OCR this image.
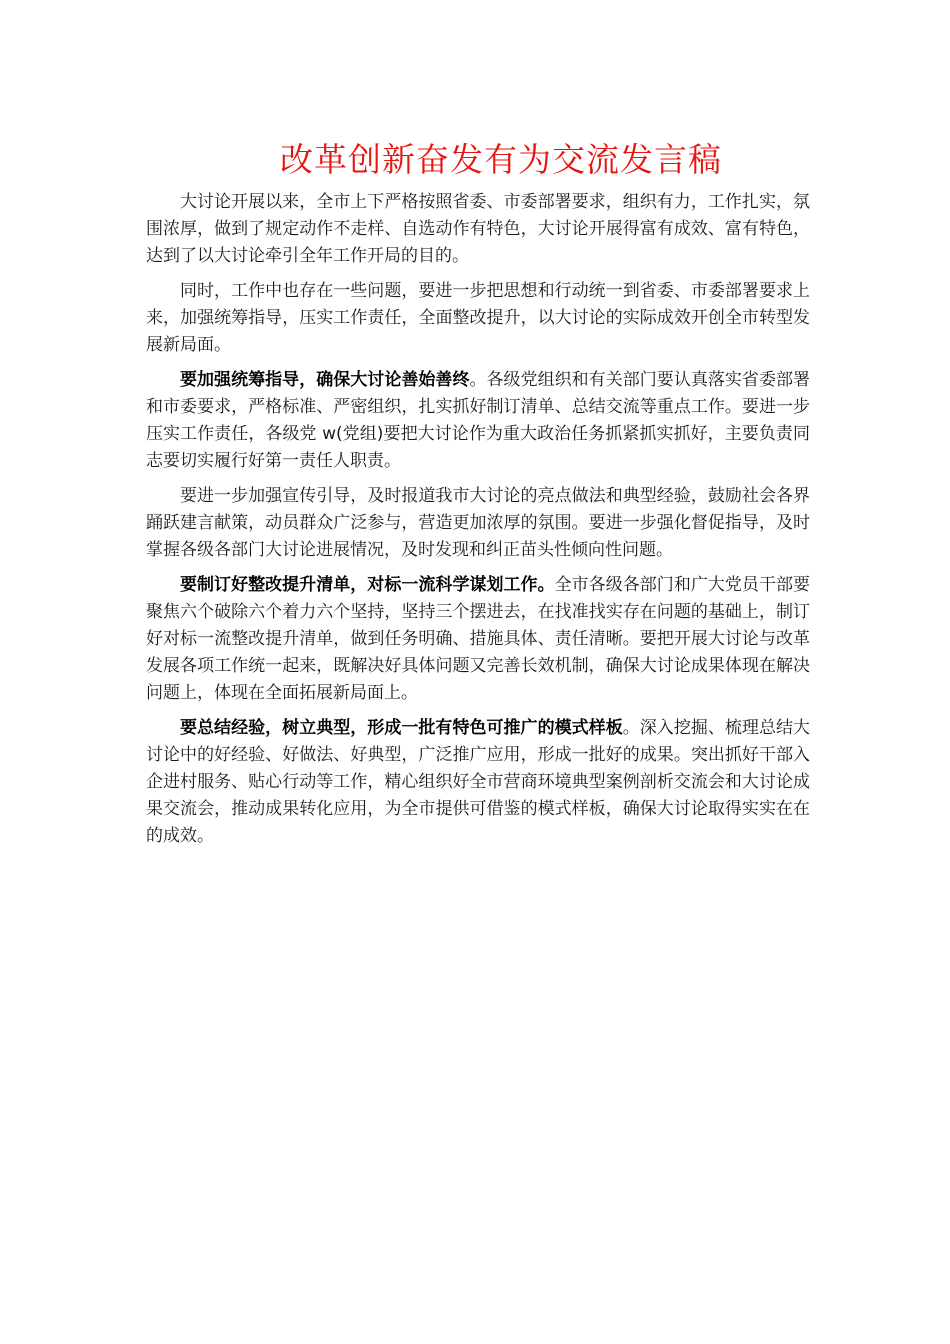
改革创新奋发有为交流发言稿

大讨论开展以来，全市上下严格按照省委、市委部署要求，组织有力，工作扎实，氛围浓厚，做到了规定动作不走样、自选动作有特色，大讨论开展得富有成效、富有特色，达到了以大讨论牵引全年工作开局的目的。

同时，工作中也存在一些问题，要进一步把思想和行动统一到省委、市委部署要求上来，加强统筹指导，压实工作责任，全面整改提升，以大讨论的实际成效开创全市转型发展新局面。

要加强统筹指导，确保大讨论善始善终。各级党组织和有关部门要认真落实省委部署和市委要求，严格标准、严密组织，扎实抓好制订清单、总结交流等重点工作。要进一步压实工作责任，各级党 w(党组)要把大讨论作为重大政治任务抓紧抓实抓好，主要负责同志要切实履行好第一责任人职责。

要进一步加强宣传引导，及时报道我市大讨论的亮点做法和典型经验，鼓励社会各界踊跃建言献策，动员群众广泛参与，营造更加浓厚的氛围。要进一步强化督促指导，及时掌握各级各部门大讨论进展情况，及时发现和纠正苗头性倾向性问题。

要制订好整改提升清单，对标一流科学谋划工作。全市各级各部门和广大党员干部要聚焦六个破除六个着力六个坚持，坚持三个摆进去，在找准找实存在问题的基础上，制订好对标一流整改提升清单，做到任务明确、措施具体、责任清晰。要把开展大讨论与改革发展各项工作统一起来，既解决好具体问题又完善长效机制，确保大讨论成果体现在解决问题上，体现在全面拓展新局面上。

要总结经验，树立典型，形成一批有特色可推广的模式样板。深入挖掘、梳理总结大讨论中的好经验、好做法、好典型，广泛推广应用，形成一批好的成果。突出抓好干部入企进村服务、贴心行动等工作，精心组织好全市营商环境典型案例剖析交流会和大讨论成果交流会，推动成果转化应用，为全市提供可借鉴的模式样板，确保大讨论取得实实在在的成效。
